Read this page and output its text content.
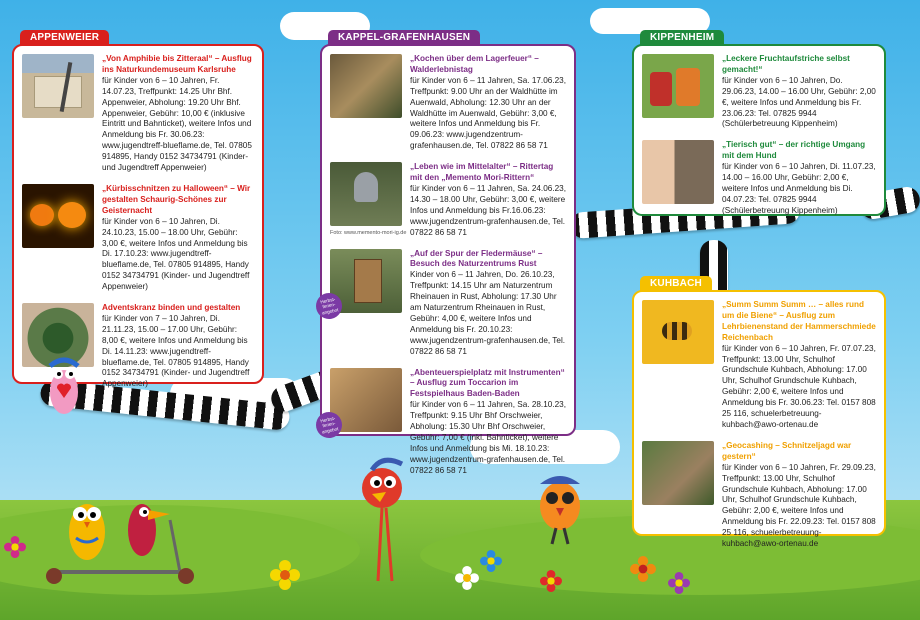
APPENWEIER
„Von Amphibie bis Zitteraal“ – Ausflug ins Naturkundemuseum Karlsruhe
für Kinder von 6 – 10 Jahren, Fr. 14.07.23, Treffpunkt: 14.25 Uhr Bhf. Appenweier, Abholung: 19.20 Uhr Bhf. Appenweier, Gebühr: 10,00 € (inklusive Eintritt und Bahnticket), weitere Infos und Anmeldung bis Fr. 30.06.23: www.jugendtreff-blueflame.de, Tel. 07805 914895, Handy 0152 34734791 (Kinder- und Jugendtreff Appenweier)
„Kürbisschnitzen zu Halloween“ – Wir gestalten Schaurig-Schönes zur Geisternacht
für Kinder von 6 – 10 Jahren, Di. 24.10.23, 15.00 – 18.00 Uhr, Gebühr: 3,00 €, weitere Infos und Anmeldung bis Di. 17.10.23: www.jugendtreff-blueflame.de, Tel. 07805 914895, Handy 0152 34734791 (Kinder- und Jugendtreff Appenweier)
Adventskranz binden und gestalten
für Kinder von 7 – 10 Jahren, Di. 21.11.23, 15.00 – 17.00 Uhr, Gebühr: 8,00 €, weitere Infos und Anmeldung bis Di. 14.11.23: www.jugendtreff-blueflame.de, Tel. 07805 914895, Handy 0152 34734791 (Kinder- und Jugendtreff Appenweier)
KAPPEL-GRAFENHAUSEN
„Kochen über dem Lagerfeuer“ – Walderlebnistag
für Kinder von 6 – 11 Jahren, Sa. 17.06.23, Treffpunkt: 9.00 Uhr an der Waldhütte im Auenwald, Abholung: 12.30 Uhr an der Waldhütte im Auenwald, Gebühr: 3,00 €, weitere Infos und Anmeldung bis Fr. 09.06.23: www.jugendzentrum-grafenhausen.de, Tel. 07822 86 58 71
Foto: www.memento-mori-ig.de
„Leben wie im Mittelalter“ – Rittertag mit den „Memento Mori-Rittern“
für Kinder von 6 – 11 Jahren, Sa. 24.06.23, 14.30 – 18.00 Uhr, Gebühr: 3,00 €, weitere Infos und Anmeldung bis Fr.16.06.23: www.jugendzentrum-grafenhausen.de, Tel. 07822 86 58 71
Herbst-ferien-angebot
„Auf der Spur der Fledermäuse“ – Besuch des Naturzentrums Rust
Kinder von 6 – 11 Jahren, Do. 26.10.23, Treffpunkt: 14.15 Uhr am Naturzentrum Rheinauen in Rust, Abholung: 17.30 Uhr am Naturzentrum Rheinauen in Rust, Gebühr: 4,00 €, weitere Infos und Anmeldung bis Fr. 20.10.23: www.jugendzentrum-grafenhausen.de, Tel. 07822 86 58 71
Herbst-ferien-angebot
„Abenteuerspielplatz mit Instrumenten“ – Ausflug zum Toccarion im Festspielhaus Baden-Baden
für Kinder von 6 – 11 Jahren, Sa. 28.10.23, Treffpunkt: 9.15 Uhr Bhf Orschweier, Abholung: 15.30 Uhr Bhf Orschweier, Gebühr: 7,00 € (inkl. Bahnticket), weitere Infos und Anmeldung bis Mi. 18.10.23: www.jugendzentrum-grafenhausen.de, Tel. 07822 86 58 71
KIPPENHEIM
„Leckere Fruchtaufstriche selbst gemacht!“
für Kinder von 6 – 10 Jahren, Do. 29.06.23, 14.00 – 16.00 Uhr, Gebühr: 2,00 €, weitere Infos und Anmeldung bis Fr. 23.06.23: Tel. 07825 9944 (Schülerbetreuung Kippenheim)
„Tierisch gut“ – der richtige Umgang mit dem Hund
für Kinder von 6 – 10 Jahren, Di. 11.07.23, 14.00 – 16.00 Uhr, Gebühr: 2,00 €, weitere Infos und Anmeldung bis Di. 04.07.23: Tel. 07825 9944 (Schülerbetreuung Kippenheim)
KUHBACH
„Summ Summ Summ … – alles rund um die Biene“ – Ausflug zum Lehrbienenstand der Hammerschmiede Reichenbach
für Kinder von 6 – 10 Jahren, Fr. 07.07.23, Treffpunkt: 13.00 Uhr, Schulhof Grundschule Kuhbach, Abholung: 17.00 Uhr, Schulhof Grundschule Kuhbach, Gebühr: 2,00 €, weitere Infos und Anmeldung bis Fr. 30.06.23: Tel. 0157 808 25 116, schuelerbetreuung-kuhbach@awo-ortenau.de
„Geocashing – Schnitzeljagd war gestern“
für Kinder von 6 – 10 Jahren, Fr. 29.09.23, Treffpunkt: 13.00 Uhr, Schulhof Grundschule Kuhbach, Abholung: 17.00 Uhr, Schulhof Grundschule Kuhbach, Gebühr: 2,00 €, weitere Infos und Anmeldung bis Fr. 22.09.23: Tel. 0157 808 25 116, schuelerbetreuung-kuhbach@awo-ortenau.de
